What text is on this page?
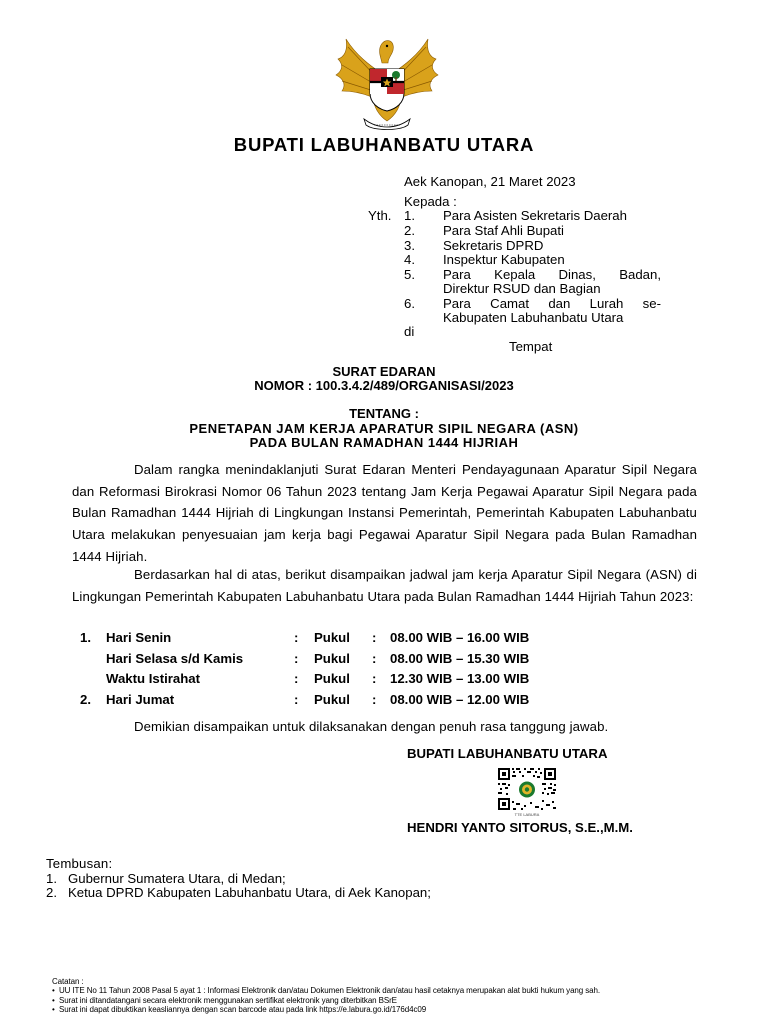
BUPATI LABUHANBATU UTARA
Aek Kanopan, 21 Maret 2023
Kepada :
Yth. 1. Para Asisten Sekretaris Daerah
2. Para Staf Ahli Bupati
3. Sekretaris DPRD
4. Inspektur Kabupaten
5. Para Kepala Dinas, Badan,
Direktur RSUD dan Bagian
6. Para Camat dan Lurah se-
Kabupaten Labuhanbatu Utara
di
Tempat
SURAT EDARAN
NOMOR : 100.3.4.2/489/ORGANISASI/2023
TENTANG :
PENETAPAN JAM KERJA APARATUR SIPIL NEGARA (ASN)
PADA BULAN RAMADHAN 1444 HIJRIAH
Dalam rangka menindaklanjuti Surat Edaran Menteri Pendayagunaan Aparatur Sipil Negara dan Reformasi Birokrasi Nomor 06 Tahun 2023 tentang Jam Kerja Pegawai Aparatur Sipil Negara pada Bulan Ramadhan 1444 Hijriah di Lingkungan Instansi Pemerintah, Pemerintah Kabupaten Labuhanbatu Utara melakukan penyesuaian jam kerja bagi Pegawai Aparatur Sipil Negara pada Bulan Ramadhan 1444 Hijriah.
Berdasarkan hal di atas, berikut disampaikan jadwal jam kerja Aparatur Sipil Negara (ASN) di Lingkungan Pemerintah Kabupaten Labuhanbatu Utara pada Bulan Ramadhan 1444 Hijriah Tahun 2023:
1. Hari Senin	: Pukul : 08.00 WIB – 16.00 WIB
Hari Selasa s/d Kamis	: Pukul : 08.00 WIB – 15.30 WIB
Waktu Istirahat	: Pukul : 12.30 WIB – 13.00 WIB
2. Hari Jumat	: Pukul : 08.00 WIB – 12.00 WIB
Demikian disampaikan untuk dilaksanakan dengan penuh rasa tanggung jawab.
BUPATI LABUHANBATU UTARA
TTE LABURA
HENDRI YANTO SITORUS, S.E.,M.M.
Tembusan:
1. Gubernur Sumatera Utara, di Medan;
2. Ketua DPRD Kabupaten Labuhanbatu Utara, di Aek Kanopan;
Catatan :
•  UU ITE No 11 Tahun 2008 Pasal 5 ayat 1 : Informasi Elektronik dan/atau Dokumen Elektronik dan/atau hasil cetaknya merupakan alat bukti hukum yang sah.
•  Surat ini ditandatangani secara elektronik menggunakan sertifikat elektronik yang diterbitkan BSrE
•  Surat ini dapat dibuktikan keasliannya dengan scan barcode atau pada link https://e.labura.go.id/176d4c09
